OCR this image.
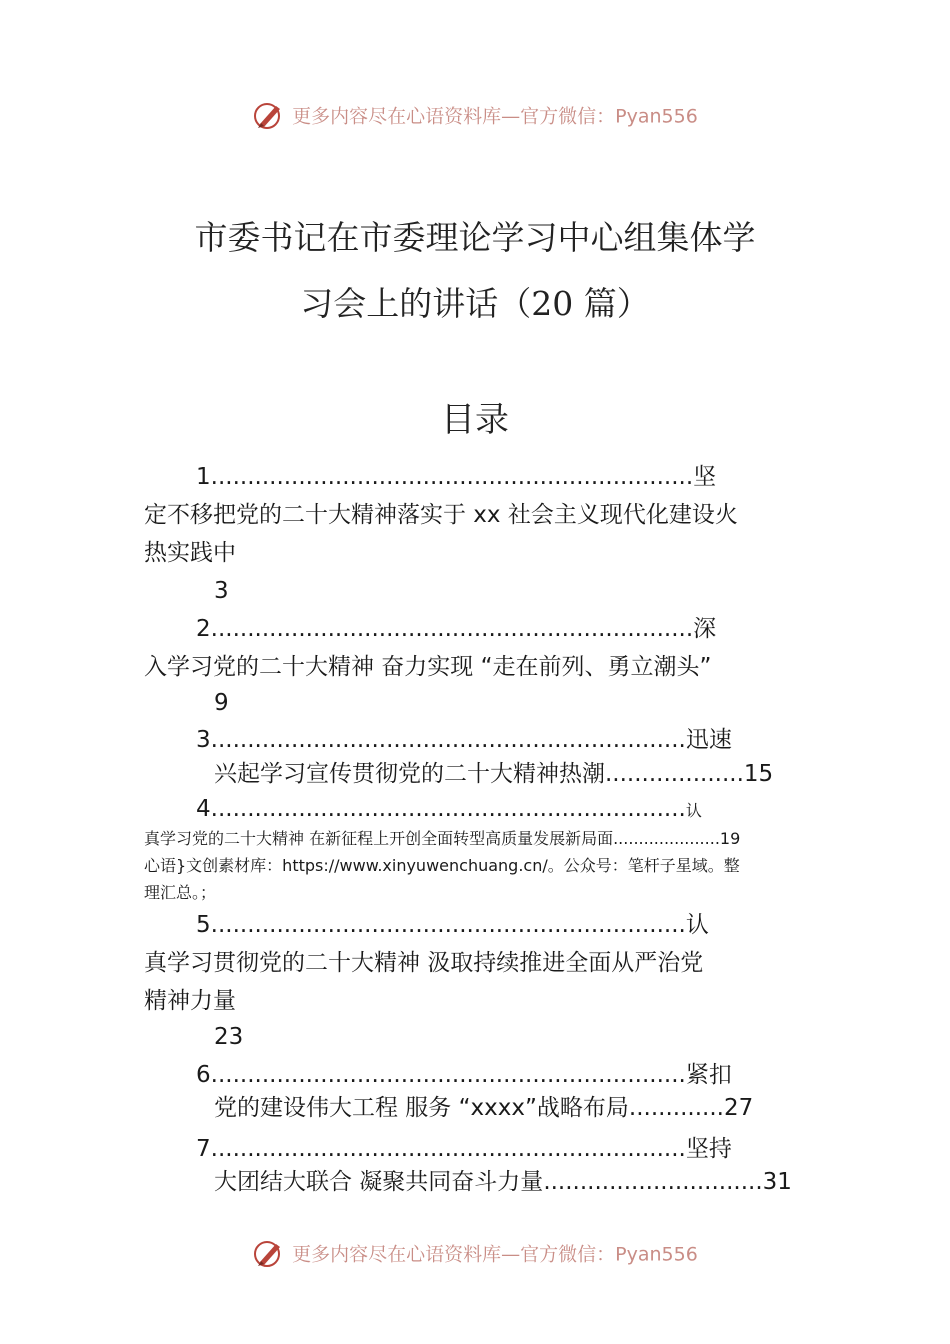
更多内容尽在心语资料库—官方微信：Pyan556
市委书记在市委理论学习中心组集体学
习会上的讲话（20 篇）
目录
1..................................................................坚
定不移把党的二十大精神落实于 xx 社会主义现代化建设火
热实践中
3
2..................................................................深
入学习党的二十大精神 奋力实现 “走在前列、勇立潮头”
9
3.................................................................迅速
兴起学习宣传贯彻党的二十大精神热潮...................15
4.................................................................认
真学习党的二十大精神 在新征程上开创全面转型高质量发展新局面.....................19
心语}文创素材库：https://www.xinyuwenchuang.cn/。公众号：笔杆子星域。整
理汇总。；
5.................................................................认
真学习贯彻党的二十大精神 汲取持续推进全面从严治党
精神力量
23
6.................................................................紧扣
党的建设伟大工程 服务 “xxxx”战略布局.............27
7.................................................................坚持
大团结大联合 凝聚共同奋斗力量..............................31
更多内容尽在心语资料库—官方微信：Pyan556
